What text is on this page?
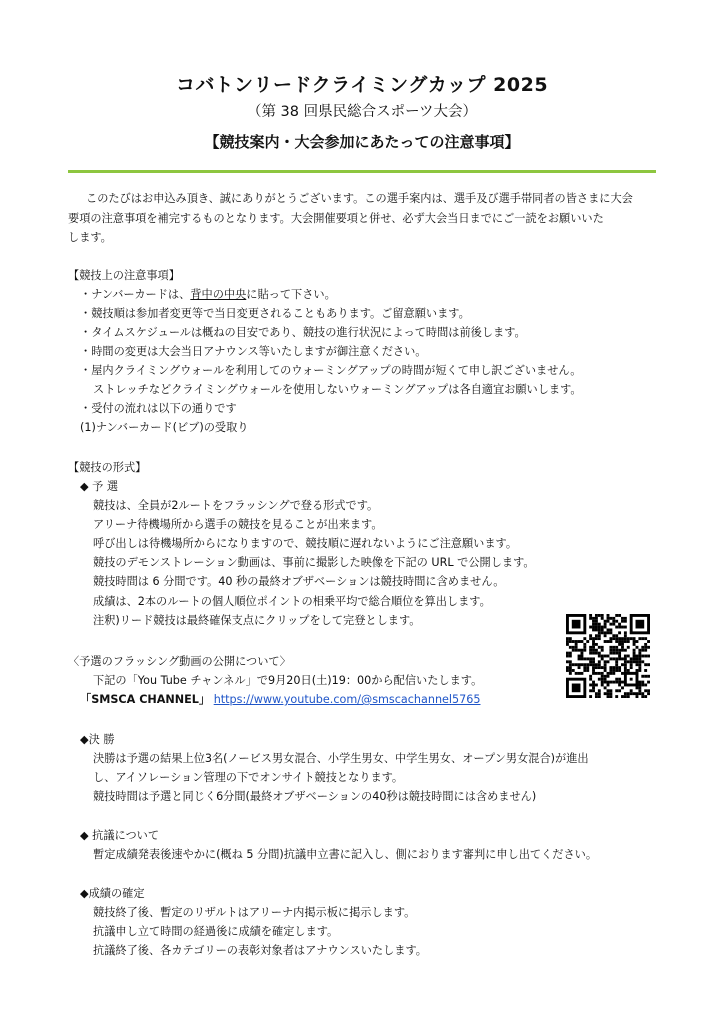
コバトンリードクライミングカップ 2025
（第 38 回県民総合スポーツ大会）
【競技案内・大会参加にあたっての注意事項】
このたびはお申込み頂き、誠にありがとうございます。この選手案内は、選手及び選手帯同者の皆さまに大会
要項の注意事項を補完するものとなります。大会開催要項と併せ、必ず大会当日までにご一読をお願いいた
します。
【競技上の注意事項】
・ナンバーカードは、背中の中央に貼って下さい。
・競技順は参加者変更等で当日変更されることもあります。ご留意願います。
・タイムスケジュールは概ねの目安であり、競技の進行状況によって時間は前後します。
・時間の変更は大会当日アナウンス等いたしますが御注意ください。
・屋内クライミングウォールを利用してのウォーミングアップの時間が短くて申し訳ございません。
ストレッチなどクライミングウォールを使用しないウォーミングアップは各自適宜お願いします。
・受付の流れは以下の通りです
(1)ナンバーカード(ビブ)の受取り
【競技の形式】
◆ 予 選
競技は、全員が2ルートをフラッシングで登る形式です。
アリーナ待機場所から選手の競技を見ることが出来ます。
呼び出しは待機場所からになりますので、競技順に遅れないようにご注意願います。
競技のデモンストレーション動画は、事前に撮影した映像を下記の URL で公開します。
競技時間は 6 分間です。40 秒の最終オブザベーションは競技時間に含めません。
成績は、2本のルートの個人順位ポイントの相乗平均で総合順位を算出します。
注釈)リード競技は最終確保支点にクリップをして完登とします。
〈予選のフラッシング動画の公開について〉
下記の「You Tube チャンネル」で9月20日(土)19：00から配信いたします。
「SMSCA CHANNEL」 https://www.youtube.com/@smscachannel5765
◆決 勝
決勝は予選の結果上位3名(ノービス男女混合、小学生男女、中学生男女、オープン男女混合)が進出
し、アイソレーション管理の下でオンサイト競技となります。
競技時間は予選と同じく6分間(最終オブザベーションの40秒は競技時間には含めません)
◆ 抗議について
暫定成績発表後速やかに(概ね 5 分間)抗議申立書に記入し、側におります審判に申し出てください。
◆成績の確定
競技終了後、暫定のリザルトはアリーナ内掲示板に掲示します。
抗議申し立て時間の経過後に成績を確定します。
抗議終了後、各カテゴリーの表彰対象者はアナウンスいたします。
